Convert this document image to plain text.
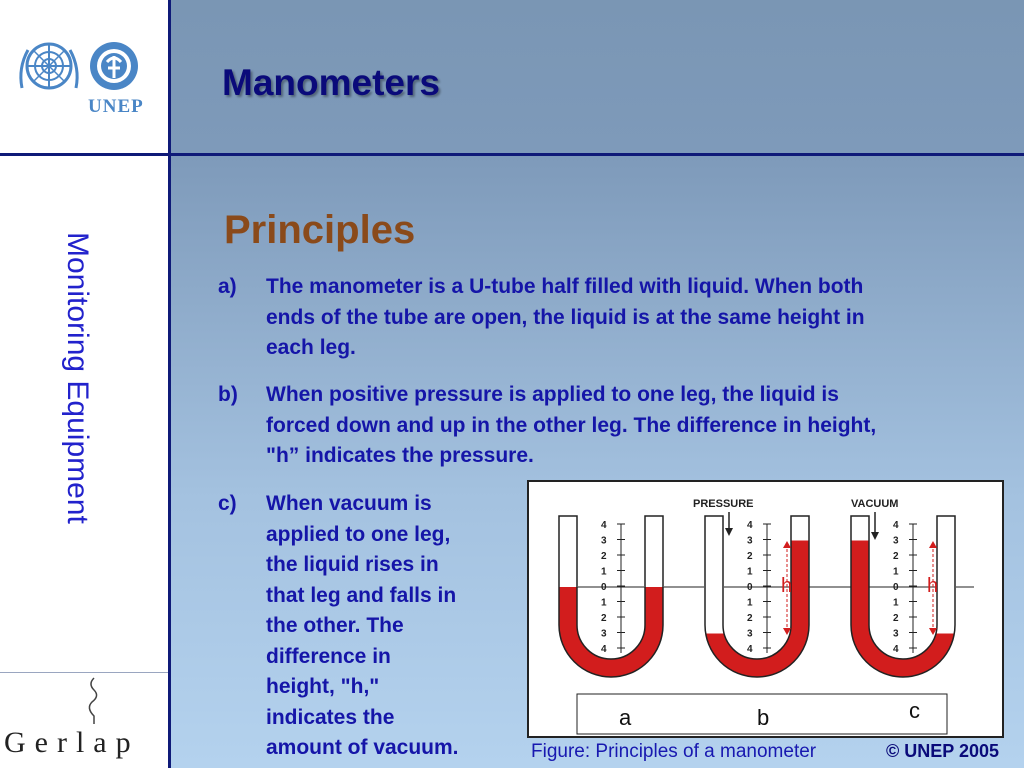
UNEP
Monitoring Equipment
Gerlap
Manometers
Principles
a) The manometer is a U-tube half filled with liquid. When both
ends of the tube are open, the liquid is at the same height in
each leg.
b) When positive pressure is applied to one leg, the liquid is
forced down and up in the other leg. The difference in height,
"h” indicates the pressure.
c) When vacuum is
applied to one leg,
the liquid rises in
that leg and falls in
the other. The
difference in
height, "h,"
indicates the
amount of vacuum.
a	b	c
PRESSURE	VACUUM
4
3
2
1
0
1
2
3
4
4
3
2
1
0
1
2
3
4
4
3
2
1
0
1
2
3
4
h	h
Figure: Principles of a manometer	© UNEP 2005
